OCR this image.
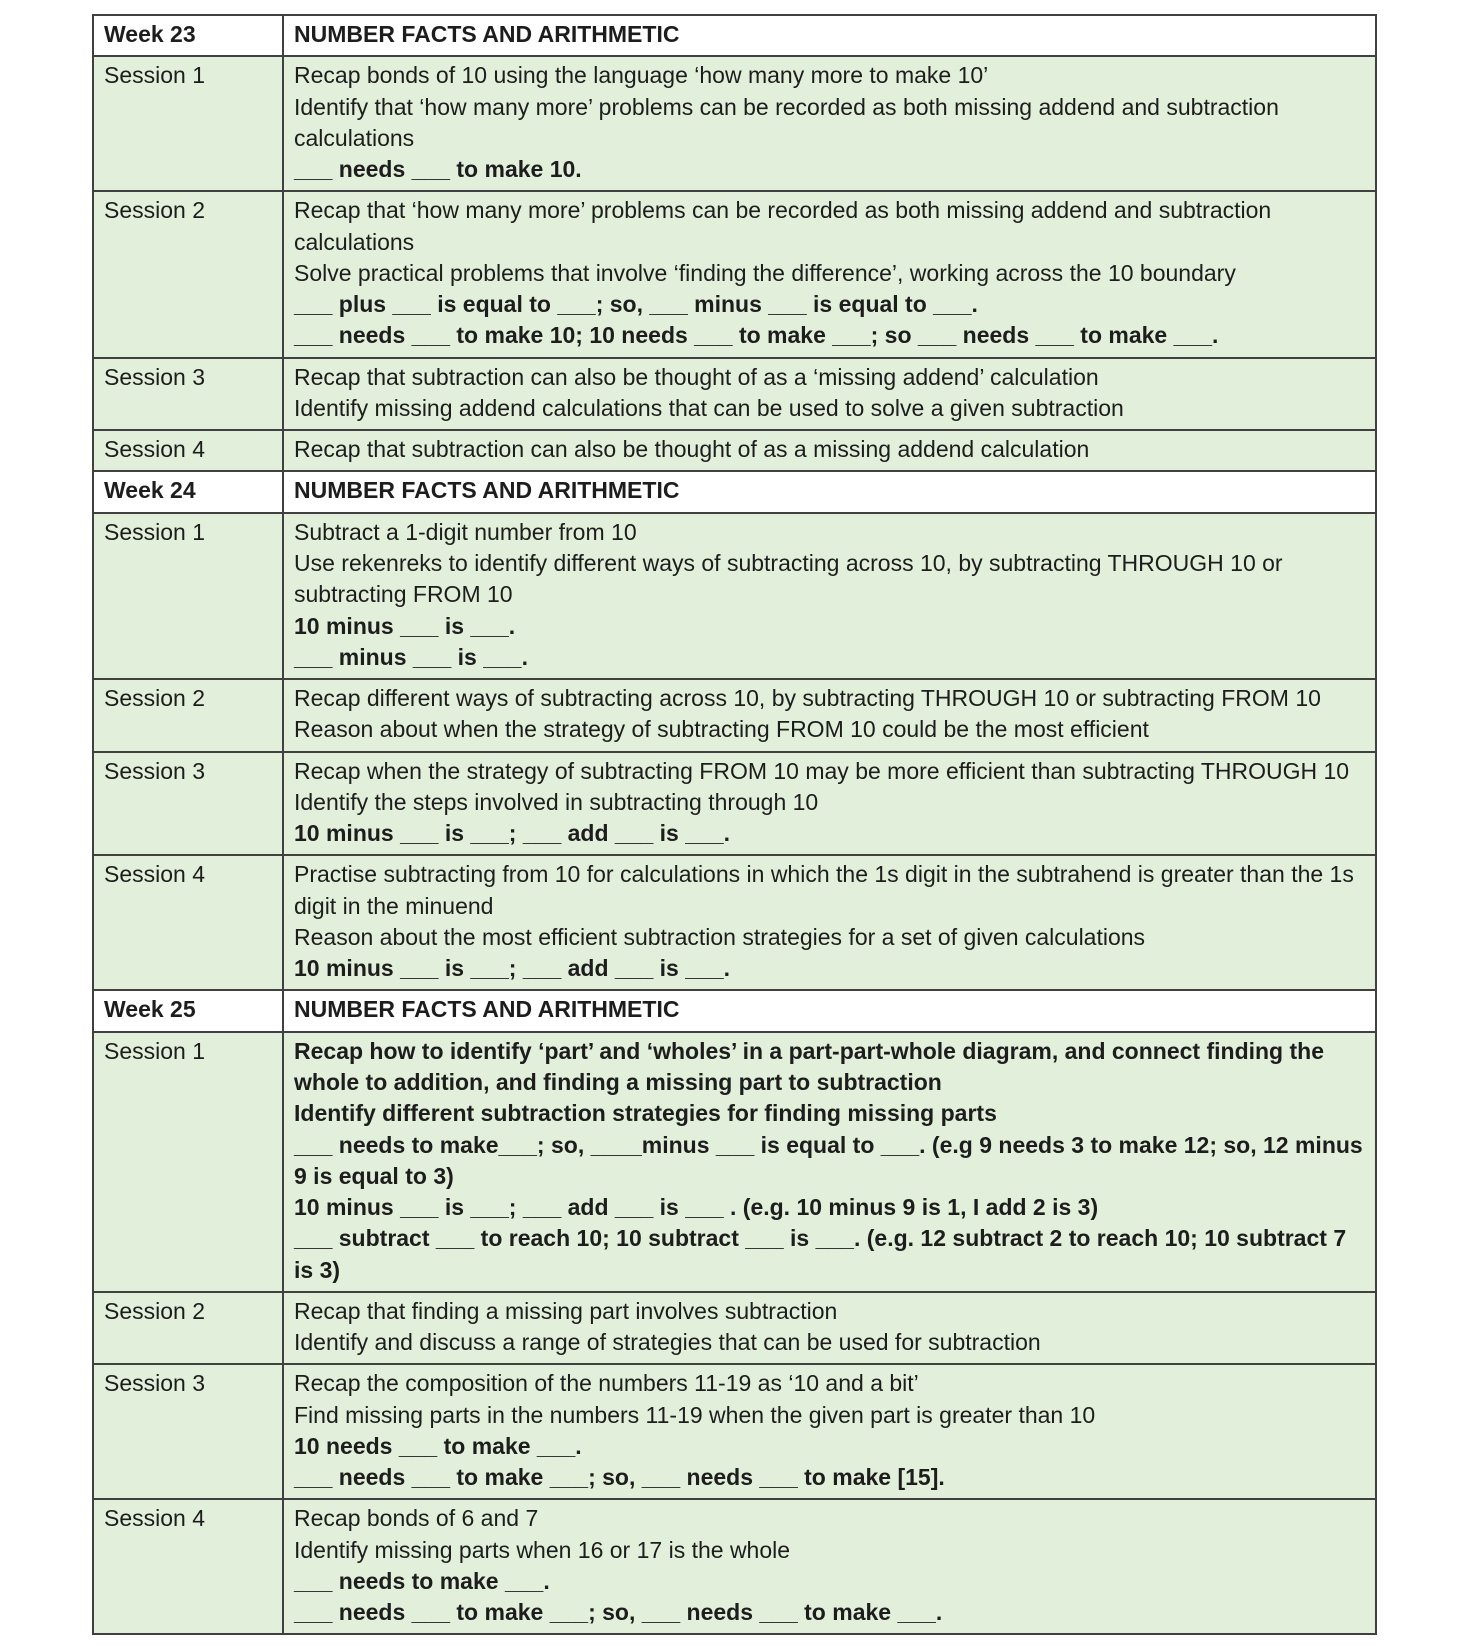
Week 23	NUMBER FACTS AND ARITHMETIC
Session 1	Recap bonds of 10 using the language ‘how many more to make 10’

Identify that ‘how many more’ problems can be recorded as both missing addend and subtraction calculations

___ needs ___ to make 10.

Session 2	Recap that ‘how many more’ problems can be recorded as both missing addend and subtraction calculations

Solve practical problems that involve ‘finding the difference’, working across the 10 boundary

___ plus ___ is equal to ___; so, ___ minus ___ is equal to ___.

___ needs ___ to make 10; 10 needs ___ to make ___; so ___ needs ___ to make ___.

Session 3	Recap that subtraction can also be thought of as a ‘missing addend’ calculation

Identify missing addend calculations that can be used to solve a given subtraction

Session 4	Recap that subtraction can also be thought of as a missing addend calculation

Week 24	NUMBER FACTS AND ARITHMETIC
Session 1	Subtract a 1-digit number from 10

Use rekenreks to identify different ways of subtracting across 10, by subtracting THROUGH 10 or subtracting FROM 10

10 minus ___ is ___.

___ minus ___ is ___.

Session 2	Recap different ways of subtracting across 10, by subtracting THROUGH 10 or subtracting FROM 10

Reason about when the strategy of subtracting FROM 10 could be the most efficient

Session 3	Recap when the strategy of subtracting FROM 10 may be more efficient than subtracting THROUGH 10

Identify the steps involved in subtracting through 10

10 minus ___ is ___; ___ add ___ is ___.

Session 4	Practise subtracting from 10 for calculations in which the 1s digit in the subtrahend is greater than the 1s digit in the minuend

Reason about the most efficient subtraction strategies for a set of given calculations

10 minus ___ is ___; ___ add ___ is ___.

Week 25	NUMBER FACTS AND ARITHMETIC
Session 1	Recap how to identify ‘part’ and ‘wholes’ in a part-part-whole diagram, and connect finding the whole to addition, and finding a missing part to subtraction

Identify different subtraction strategies for finding missing parts

___ needs to make___; so, ____minus ___ is equal to ___. (e.g 9 needs 3 to make 12; so, 12 minus 9 is equal to 3)

10 minus ___ is ___; ___ add ___ is ___ . (e.g. 10 minus 9 is 1, I add 2 is 3)

___ subtract ___ to reach 10; 10 subtract ___ is ___. (e.g. 12 subtract 2 to reach 10; 10 subtract 7 is 3)

Session 2	Recap that finding a missing part involves subtraction

Identify and discuss a range of strategies that can be used for subtraction

Session 3	Recap the composition of the numbers 11-19 as ‘10 and a bit’

Find missing parts in the numbers 11-19 when the given part is greater than 10

10 needs ___ to make ___.

___ needs ___ to make ___; so, ___ needs ___ to make [15].

Session 4	Recap bonds of 6 and 7

Identify missing parts when 16 or 17 is the whole

___ needs to make ___.

___ needs ___ to make ___; so, ___ needs ___ to make ___.
